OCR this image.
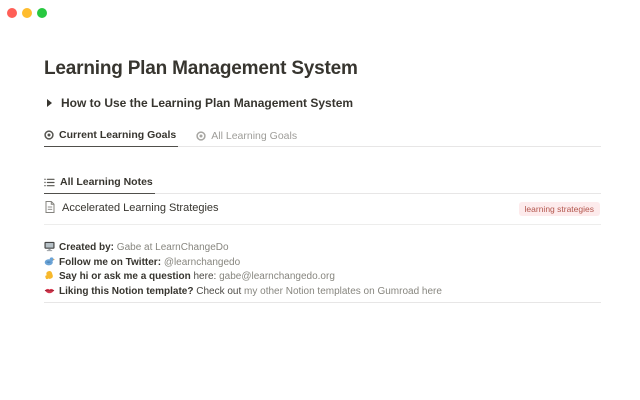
Learning Plan Management System
How to Use the Learning Plan Management System
Current Learning Goals	All Learning Goals
All Learning Notes
Accelerated Learning Strategies	learning strategies
Created by: Gabe at LearnChangeDo
Follow me on Twitter: @learnchangedo
Say hi or ask me a question here: gabe@learnchangedo.org
Liking this Notion template? Check out my other Notion templates on Gumroad here
